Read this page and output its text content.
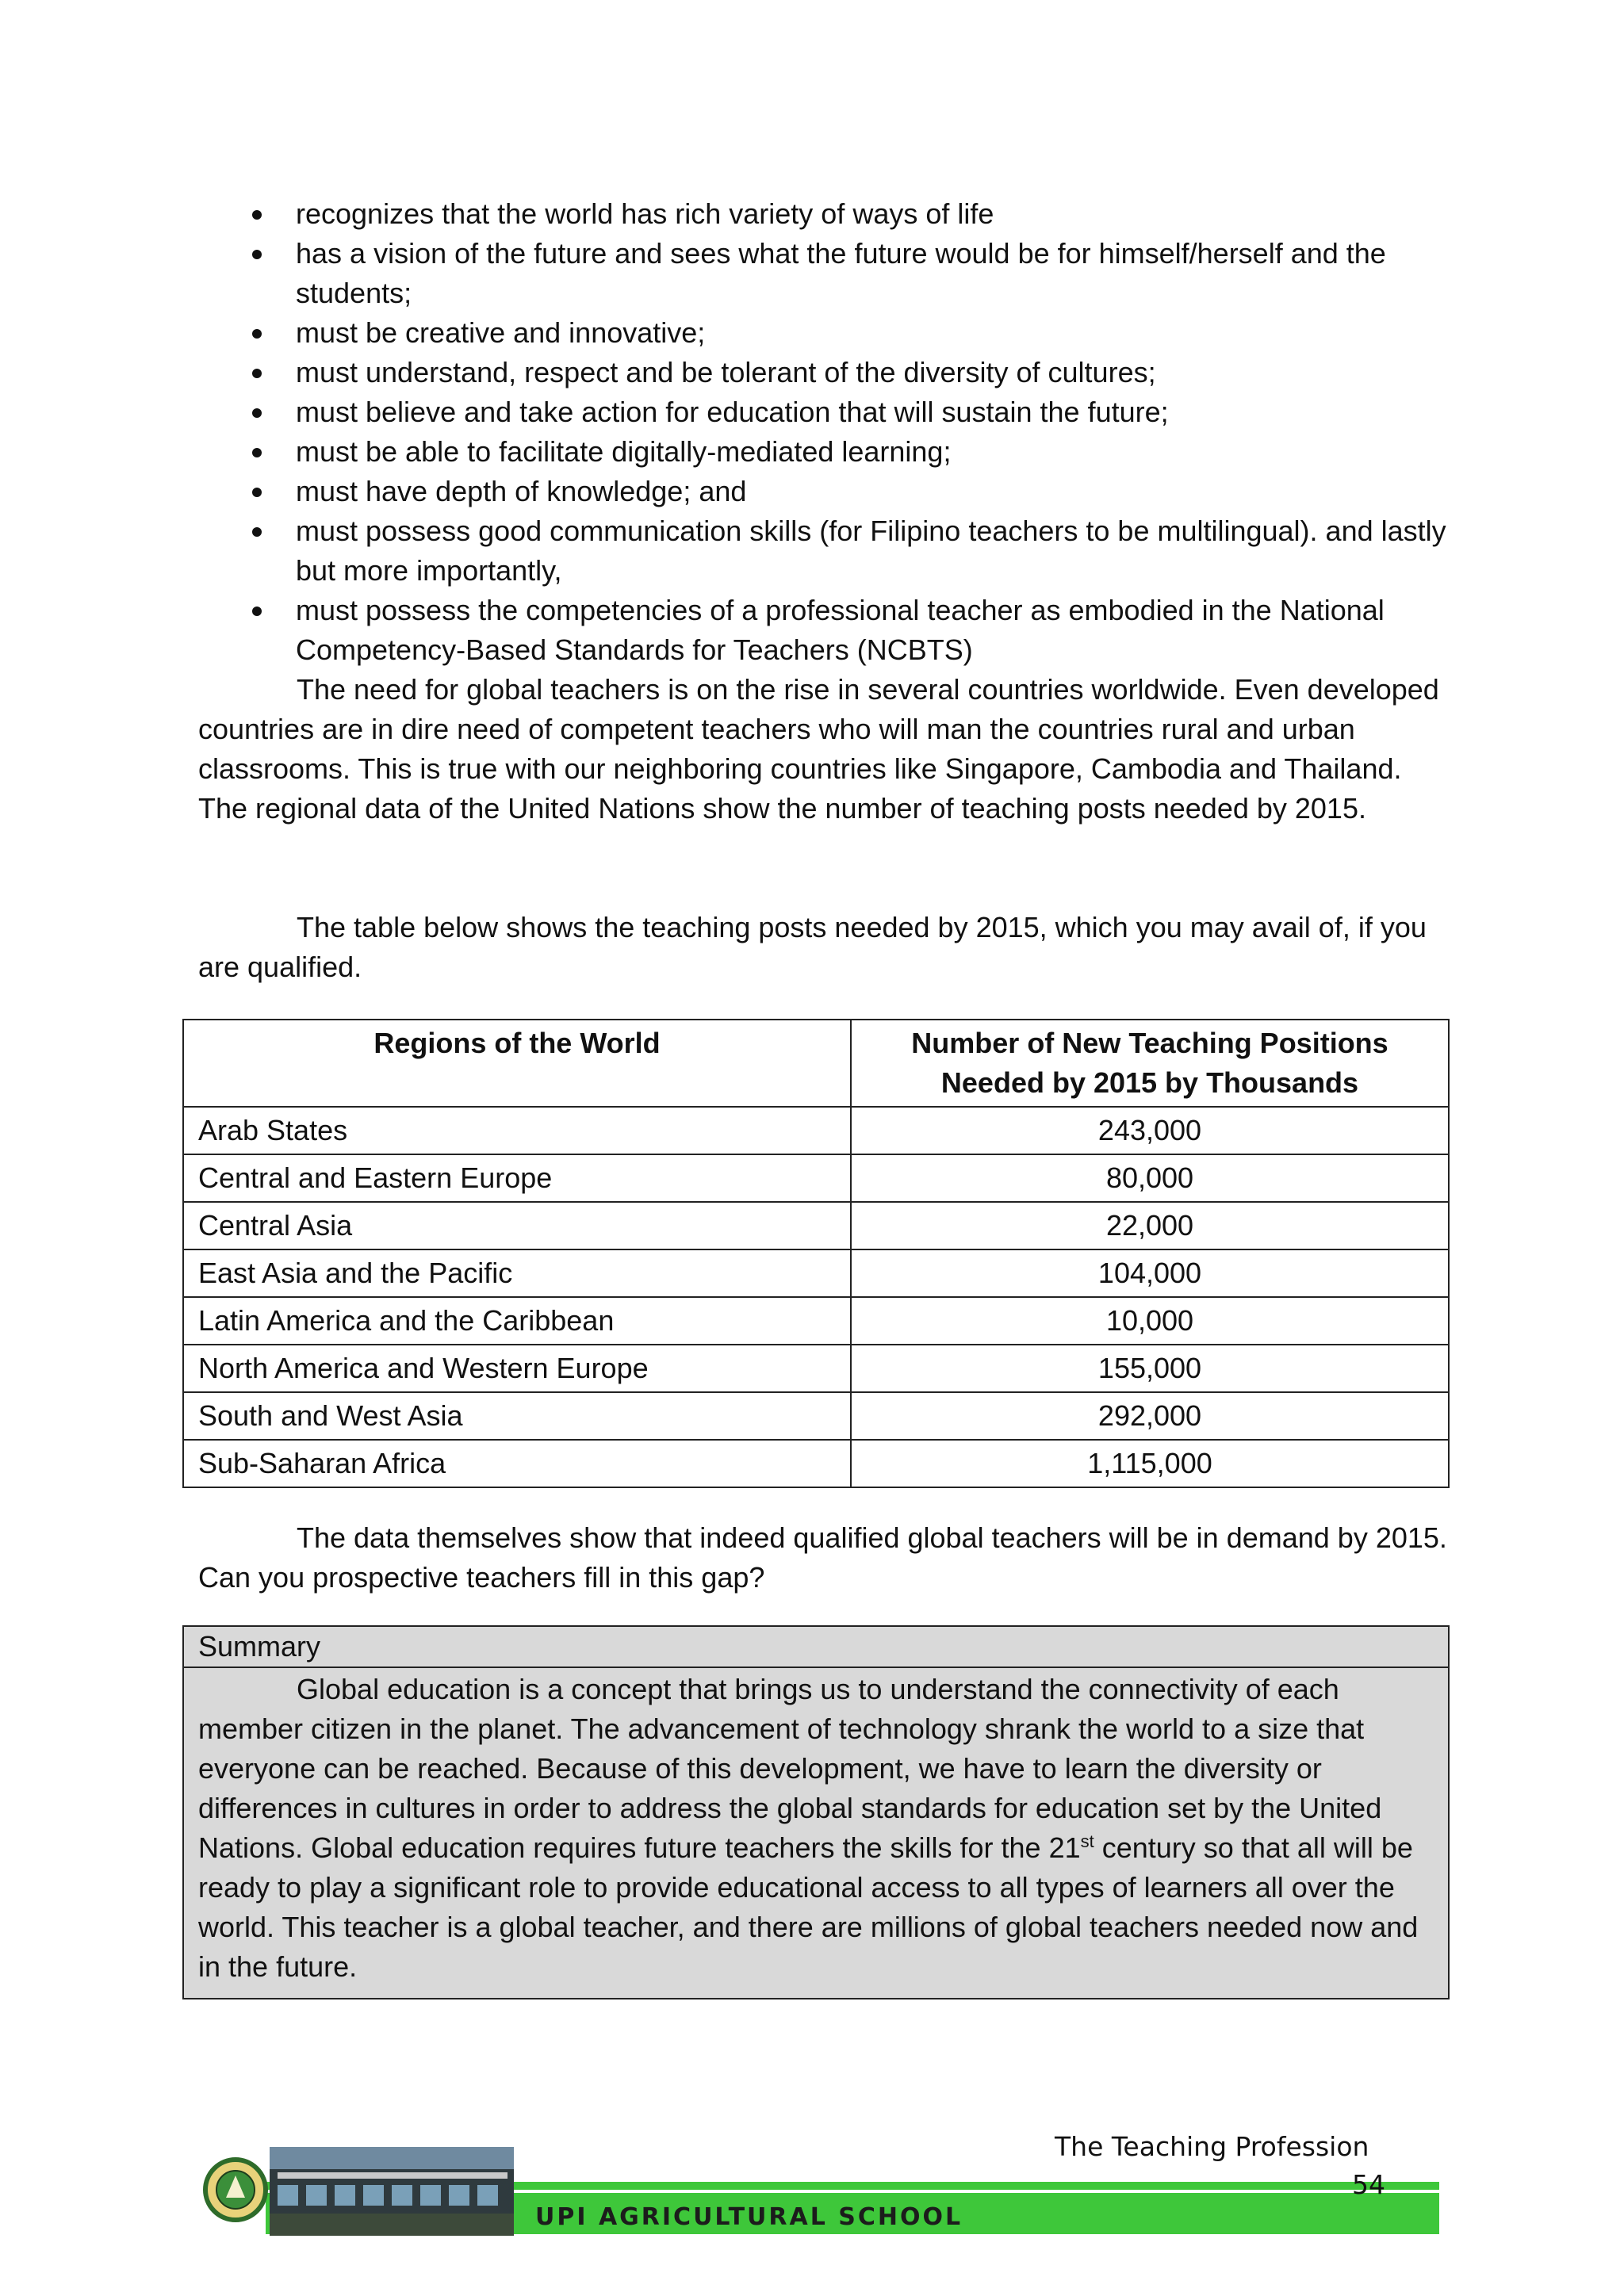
recognizes that the world has rich variety of ways of life
has a vision of the future and sees what the future would be for himself/herself and the students;
must be creative and innovative;
must understand, respect and be tolerant of the diversity of cultures;
must believe and take action for education that will sustain the future;
must be able to facilitate digitally-mediated learning;
must have depth of knowledge; and
must possess good communication skills (for Filipino teachers to be multilingual). and lastly but more importantly,
must possess the competencies of a professional teacher as embodied in the National Competency-Based Standards for Teachers (NCBTS)

The need for global teachers is on the rise in several countries worldwide. Even developed countries are in dire need of competent teachers who will man the countries rural and urban classrooms. This is true with our neighboring countries like Singapore, Cambodia and Thailand. The regional data of the United Nations show the number of teaching posts needed by 2015.

The table below shows the teaching posts needed by 2015, which you may avail of, if you are qualified.

Regions of the World	Number of New Teaching Positions Needed by 2015 by Thousands
Arab States	243,000
Central and Eastern Europe	80,000
Central Asia	22,000
East Asia and the Pacific	104,000
Latin America and the Caribbean	10,000
North America and Western Europe	155,000
South and West Asia	292,000
Sub-Saharan Africa	1,115,000

The data themselves show that indeed qualified global teachers will be in demand by 2015. Can you prospective teachers fill in this gap?

Summary
Global education is a concept that brings us to understand the connectivity of each member citizen in the planet. The advancement of technology shrank the world to a size that everyone can be reached. Because of this development, we have to learn the diversity or differences in cultures in order to address the global standards for education set by the United Nations. Global education requires future teachers the skills for the 21st century so that all will be ready to play a significant role to provide educational access to all types of learners all over the world. This teacher is a global teacher, and there are millions of global teachers needed now and in the future.
UPI AGRICULTURAL SCHOOL
The Teaching Profession
54
